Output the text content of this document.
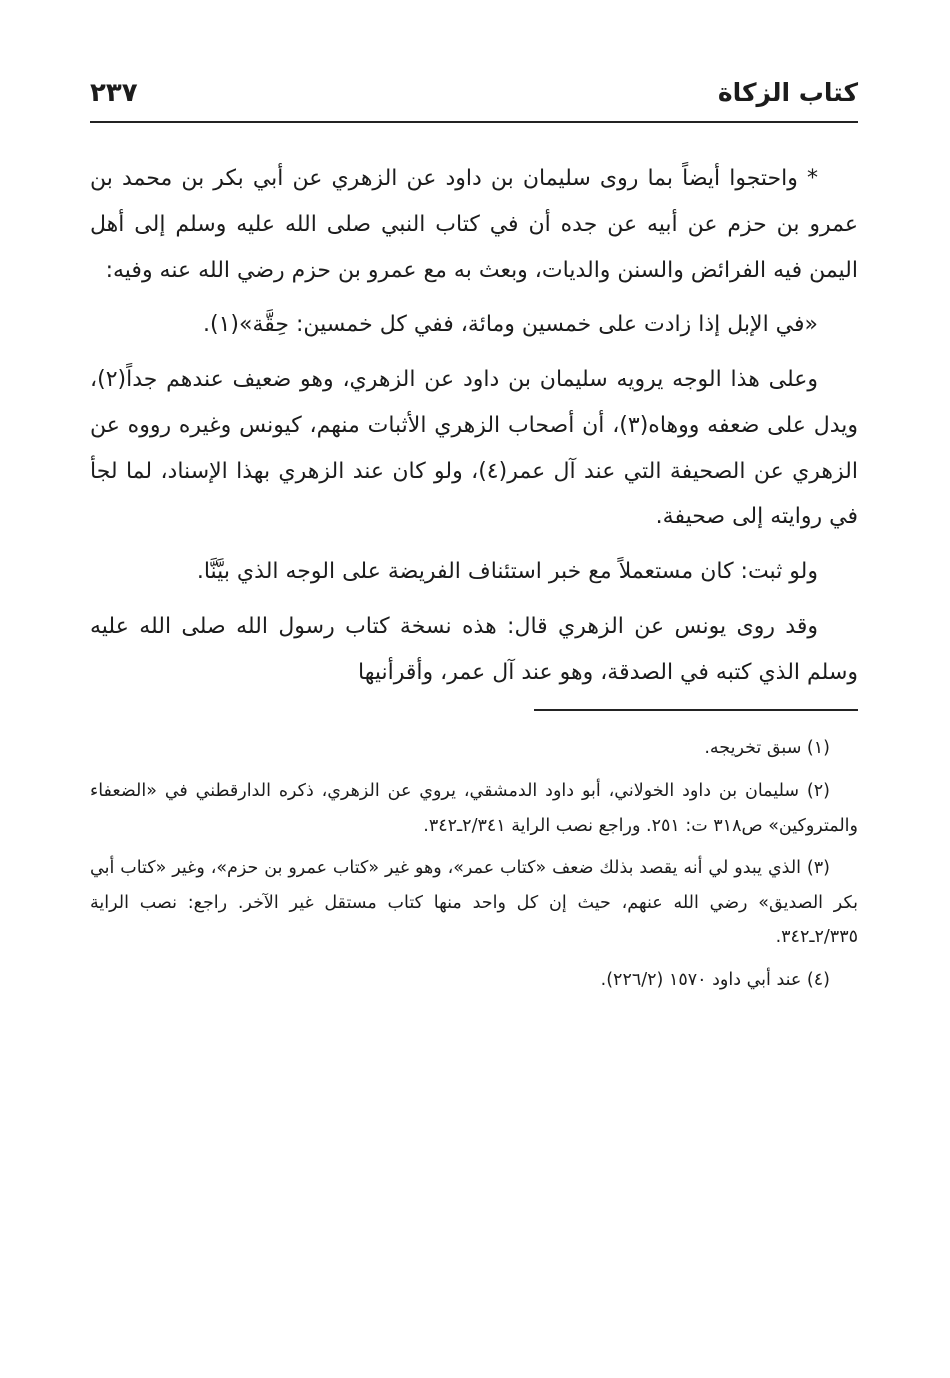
كتاب الزكاة
٢٣٧

* واحتجوا أيضاً بما روى سليمان بن داود عن الزهري عن أبي بكر بن محمد بن عمرو بن حزم عن أبيه عن جده أن في كتاب النبي صلى الله عليه وسلم إلى أهل اليمن فيه الفرائض والسنن والديات، وبعث به مع عمرو بن حزم رضي الله عنه وفيه:

«في الإبل إذا زادت على خمسين ومائة، ففي كل خمسين: حِقَّة»(١).

وعلى هذا الوجه يرويه سليمان بن داود عن الزهري، وهو ضعيف عندهم جداً(٢)، ويدل على ضعفه ووهاه(٣)، أن أصحاب الزهري الأثبات منهم، كيونس وغيره رووه عن الزهري عن الصحيفة التي عند آل عمر(٤)، ولو كان عند الزهري بهذا الإسناد، لما لجأ في روايته إلى صحيفة.

ولو ثبت: كان مستعملاً مع خبر استئناف الفريضة على الوجه الذي بيَّنَّا.

وقد روى يونس عن الزهري قال: هذه نسخة كتاب رسول الله صلى الله عليه وسلم الذي كتبه في الصدقة، وهو عند آل عمر، وأقرأنيها

(١) سبق تخريجه.

(٢) سليمان بن داود الخولاني، أبو داود الدمشقي، يروي عن الزهري، ذكره الدارقطني في «الضعفاء والمتروكين» ص٣١٨ ت: ٢٥١. وراجع نصب الراية ٢/٣٤١ـ٣٤٢.

(٣) الذي يبدو لي أنه يقصد بذلك ضعف «كتاب عمر»، وهو غير «كتاب عمرو بن حزم»، وغير «كتاب أبي بكر الصديق» رضي الله عنهم، حيث إن كل واحد منها كتاب مستقل غير الآخر. راجع: نصب الراية ٢/٣٣٥ـ٣٤٢.

(٤) عند أبي داود ١٥٧٠ (٢٢٦/٢).
